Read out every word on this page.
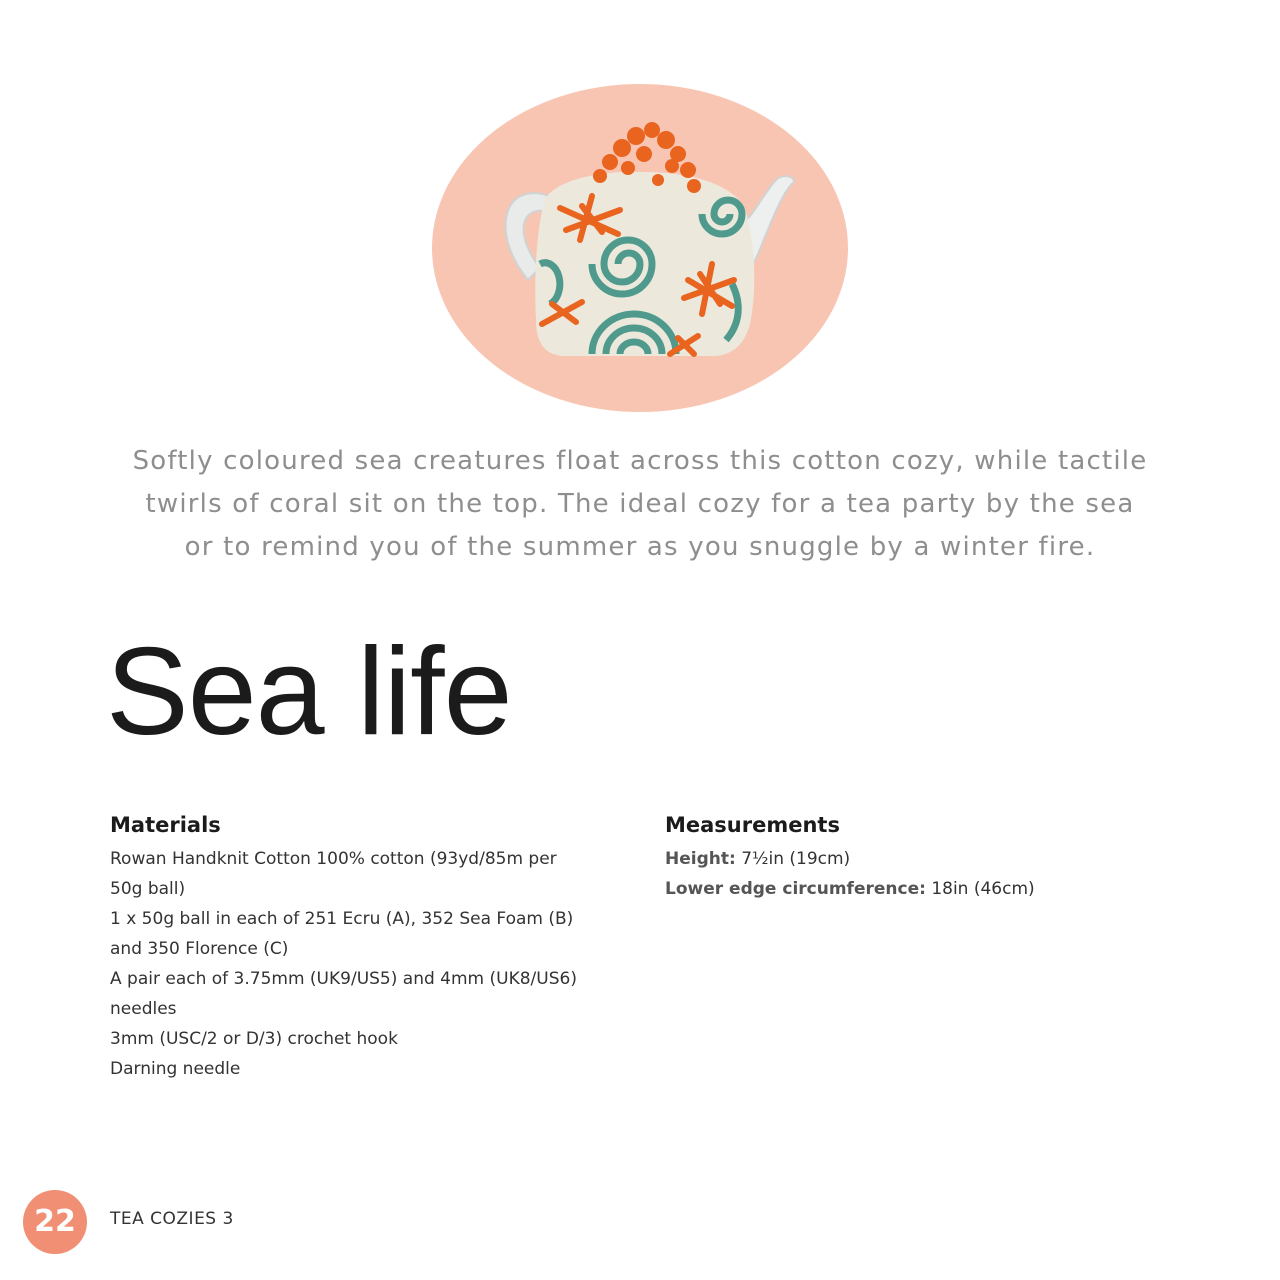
Softly coloured sea creatures float across this cotton cozy, while tactile
twirls of coral sit on the top. The ideal cozy for a tea party by the sea
or to remind you of the summer as you snuggle by a winter fire.

Sea life
Materials

Rowan Handknit Cotton 100% cotton (93yd/85m per

50g ball)

1 x 50g ball in each of 251 Ecru (A), 352 Sea Foam (B)

and 350 Florence (C)

A pair each of 3.75mm (UK9/US5) and 4mm (UK8/US6)

needles

3mm (USC/2 or D/3) crochet hook

Darning needle

Measurements

Height: 7½in (19cm)

Lower edge circumference: 18in (46cm)

22	TEA COZIES 3
